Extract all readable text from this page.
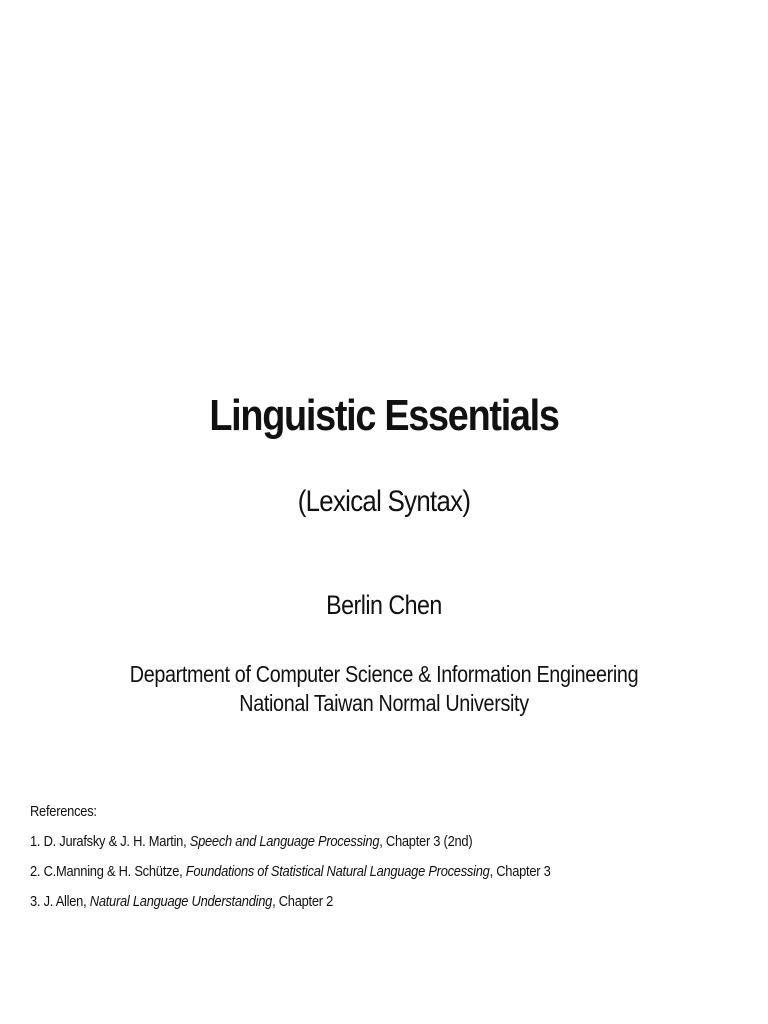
Linguistic Essentials
(Lexical Syntax)
Berlin Chen
Department of Computer Science & Information Engineering
National Taiwan Normal University
References:
1. D. Jurafsky & J. H. Martin, Speech and Language Processing, Chapter 3 (2nd)
2. C.Manning & H. Schütze, Foundations of Statistical Natural Language Processing, Chapter 3
3. J. Allen, Natural Language Understanding, Chapter 2
